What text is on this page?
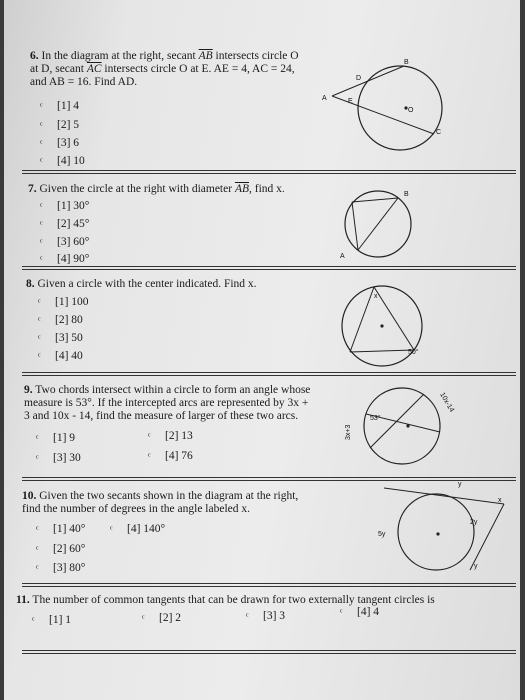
6. In the diagram at the right, secant $\overline{AB}$ intersects circle O
at D, secant $\overline{AC}$ intersects circle O at E. AE = 4, AC = 24,
and AB = 16. Find AD.
ᶜ [1] 4
ᶜ [2] 5
ᶜ [3] 6
ᶜ [4] 10
B
D
A	E
O
C
7. Given the circle at the right with diameter $\overline{AB}$, find x.
ᶜ [1] 30°
ᶜ [2] 45°
ᶜ [3] 60°
ᶜ [4] 90°
B
A
8. Given a circle with the center indicated. Find x.
ᶜ [1] 100
ᶜ [2] 80
ᶜ [3] 50
ᶜ [4] 40
x
50°
9. Two chords intersect within a circle to form an angle whose
measure is 53°. If the intercepted arcs are represented by 3x +
3 and 10x - 14, find the measure of larger of these two arcs.
ᶜ [1] 9	ᶜ [2] 13
ᶜ [3] 30	ᶜ [4] 76
53°
3x+3
10x-14
10. Given the two secants shown in the diagram at the right,
find the number of degrees in the angle labeled x.
ᶜ [1] 40° ᶜ [4] 140°
ᶜ [2] 60°
ᶜ [3] 80°
y
x
2y
5y
y
11. The number of common tangents that can be drawn for two externally tangent circles is
ᶜ [1] 1	ᶜ [2] 2	ᶜ [3] 3	ᶜ [4] 4
